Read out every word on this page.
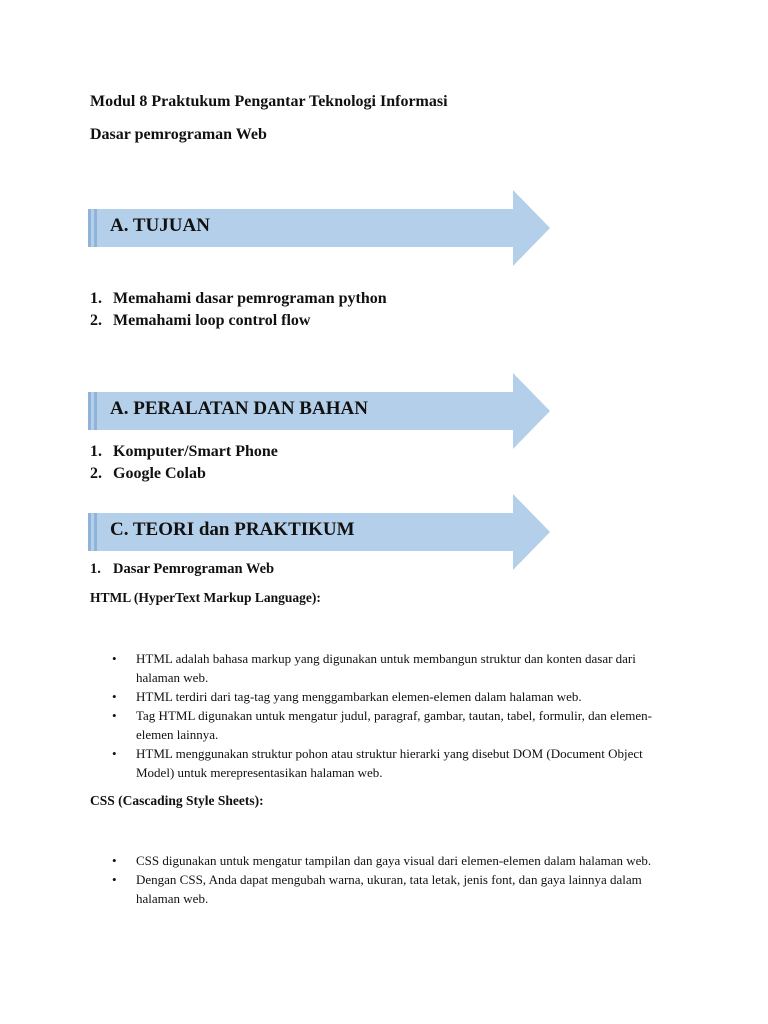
Modul 8 Praktukum Pengantar Teknologi Informasi
Dasar pemrograman Web
A. TUJUAN
1. Memahami dasar pemrograman python
2. Memahami loop control flow
A. PERALATAN DAN BAHAN
1. Komputer/Smart Phone
2. Google Colab
C. TEORI dan PRAKTIKUM
1. Dasar Pemrograman Web
HTML (HyperText Markup Language):
• HTML adalah bahasa markup yang digunakan untuk membangun struktur dan konten dasar dari halaman web.
• HTML terdiri dari tag-tag yang menggambarkan elemen-elemen dalam halaman web.
• Tag HTML digunakan untuk mengatur judul, paragraf, gambar, tautan, tabel, formulir, dan elemen-elemen lainnya.
• HTML menggunakan struktur pohon atau struktur hierarki yang disebut DOM (Document Object Model) untuk merepresentasikan halaman web.
CSS (Cascading Style Sheets):
• CSS digunakan untuk mengatur tampilan dan gaya visual dari elemen-elemen dalam halaman web.
• Dengan CSS, Anda dapat mengubah warna, ukuran, tata letak, jenis font, dan gaya lainnya dalam halaman web.
